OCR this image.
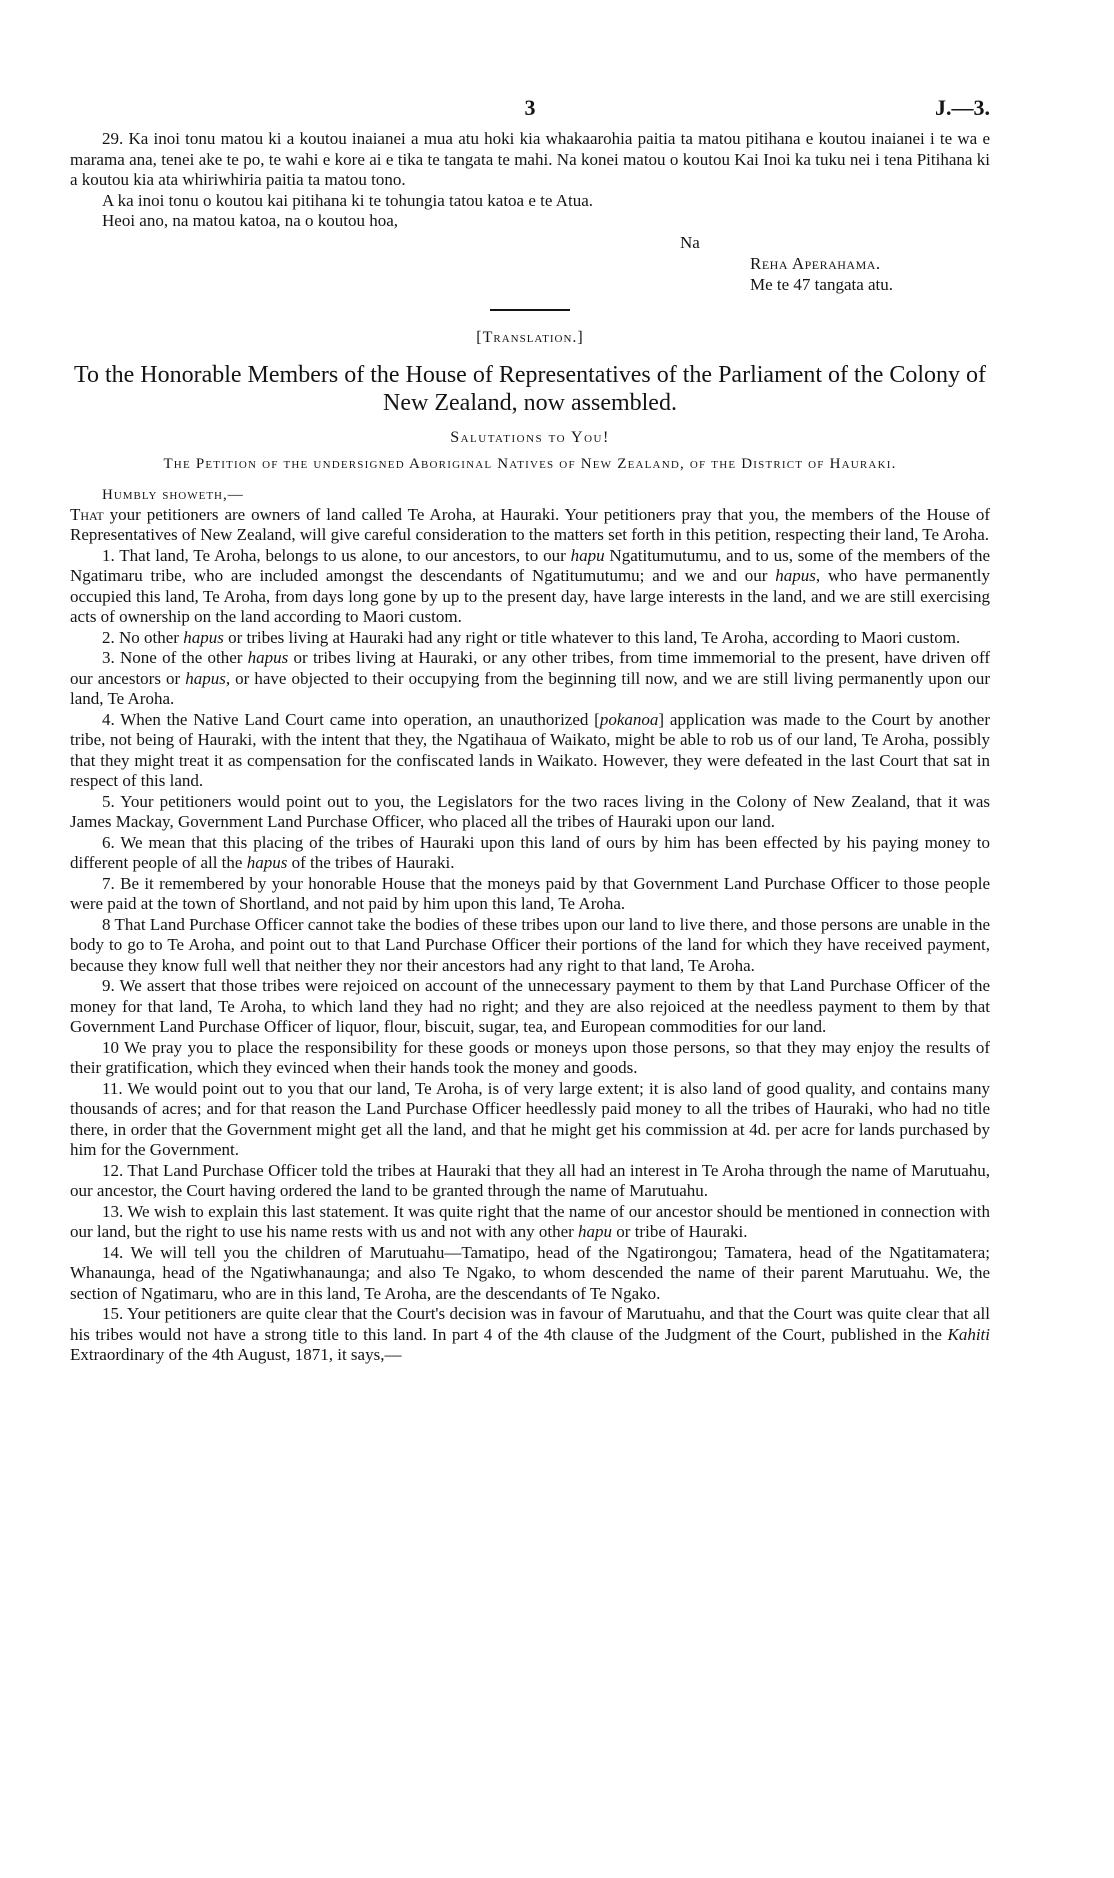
3	J.—3.

29. Ka inoi tonu matou ki a koutou inaianei a mua atu hoki kia whakaarohia paitia ta matou pitihana e koutou inaianei i te wa e marama ana, tenei ake te po, te wahi e kore ai e tika te tangata te mahi. Na konei matou o koutou Kai Inoi ka tuku nei i tena Pitihana ki a koutou kia ata whiriwhiria paitia ta matou tono.

A ka inoi tonu o koutou kai pitihana ki te tohungia tatou katoa e te Atua.

Heoi ano, na matou katoa, na o koutou hoa,

Na
Reha Aperahama.
Me te 47 tangata atu.
[Translation.]
To the Honorable Members of the House of Representatives of the Parliament of the Colony of New Zealand, now assembled.
Salutations to You!
The Petition of the undersigned Aboriginal Natives of New Zealand, of the District of Hauraki.
Humbly showeth,—

That your petitioners are owners of land called Te Aroha, at Hauraki. Your petitioners pray that you, the members of the House of Representatives of New Zealand, will give careful consideration to the matters set forth in this petition, respecting their land, Te Aroha.

1. That land, Te Aroha, belongs to us alone, to our ancestors, to our hapu Ngatitumutumu, and to us, some of the members of the Ngatimaru tribe, who are included amongst the descendants of Ngatitumutumu; and we and our hapus, who have permanently occupied this land, Te Aroha, from days long gone by up to the present day, have large interests in the land, and we are still exercising acts of ownership on the land according to Maori custom.

2. No other hapus or tribes living at Hauraki had any right or title whatever to this land, Te Aroha, according to Maori custom.

3. None of the other hapus or tribes living at Hauraki, or any other tribes, from time immemorial to the present, have driven off our ancestors or hapus, or have objected to their occupying from the beginning till now, and we are still living permanently upon our land, Te Aroha.

4. When the Native Land Court came into operation, an unauthorized [pokanoa] application was made to the Court by another tribe, not being of Hauraki, with the intent that they, the Ngatihaua of Waikato, might be able to rob us of our land, Te Aroha, possibly that they might treat it as compensation for the confiscated lands in Waikato. However, they were defeated in the last Court that sat in respect of this land.

5. Your petitioners would point out to you, the Legislators for the two races living in the Colony of New Zealand, that it was James Mackay, Government Land Purchase Officer, who placed all the tribes of Hauraki upon our land.

6. We mean that this placing of the tribes of Hauraki upon this land of ours by him has been effected by his paying money to different people of all the hapus of the tribes of Hauraki.

7. Be it remembered by your honorable House that the moneys paid by that Government Land Purchase Officer to those people were paid at the town of Shortland, and not paid by him upon this land, Te Aroha.

8 That Land Purchase Officer cannot take the bodies of these tribes upon our land to live there, and those persons are unable in the body to go to Te Aroha, and point out to that Land Purchase Officer their portions of the land for which they have received payment, because they know full well that neither they nor their ancestors had any right to that land, Te Aroha.

9. We assert that those tribes were rejoiced on account of the unnecessary payment to them by that Land Purchase Officer of the money for that land, Te Aroha, to which land they had no right; and they are also rejoiced at the needless payment to them by that Government Land Purchase Officer of liquor, flour, biscuit, sugar, tea, and European commodities for our land.

10 We pray you to place the responsibility for these goods or moneys upon those persons, so that they may enjoy the results of their gratification, which they evinced when their hands took the money and goods.

11. We would point out to you that our land, Te Aroha, is of very large extent; it is also land of good quality, and contains many thousands of acres; and for that reason the Land Purchase Officer heedlessly paid money to all the tribes of Hauraki, who had no title there, in order that the Government might get all the land, and that he might get his commission at 4d. per acre for lands purchased by him for the Government.

12. That Land Purchase Officer told the tribes at Hauraki that they all had an interest in Te Aroha through the name of Marutuahu, our ancestor, the Court having ordered the land to be granted through the name of Marutuahu.

13. We wish to explain this last statement. It was quite right that the name of our ancestor should be mentioned in connection with our land, but the right to use his name rests with us and not with any other hapu or tribe of Hauraki.

14. We will tell you the children of Marutuahu—Tamatipo, head of the Ngatirongou; Tamatera, head of the Ngatitamatera; Whanaunga, head of the Ngatiwhanaunga; and also Te Ngako, to whom descended the name of their parent Marutuahu. We, the section of Ngatimaru, who are in this land, Te Aroha, are the descendants of Te Ngako.

15. Your petitioners are quite clear that the Court's decision was in favour of Marutuahu, and that the Court was quite clear that all his tribes would not have a strong title to this land. In part 4 of the 4th clause of the Judgment of the Court, published in the Kahiti Extraordinary of the 4th August, 1871, it says,—
